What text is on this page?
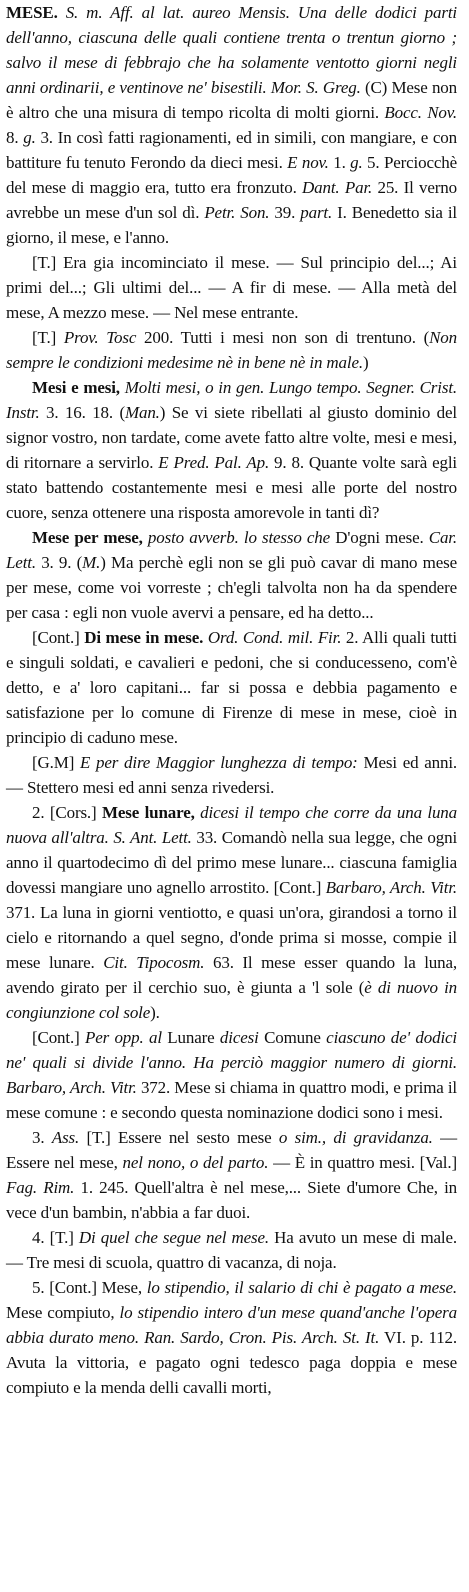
MESE. S. m. Aff. al lat. aureo Mensis. Una delle dodici parti dell'anno, ciascuna delle quali contiene trenta o trentun giorno ; salvo il mese di febbrajo che ha solamente ventotto giorni negli anni ordinarii, e ventinove ne' bisestili. Mor. S. Greg. (C) Mese non è altro che una misura di tempo ricolta di molti giorni. Bocc. Nov. 8. g. 3. In così fatti ragionamenti, ed in simili, con mangiare, e con battiture fu tenuto Ferondo da dieci mesi. E nov. 1. g. 5. Perciocchè del mese di maggio era, tutto era fronzuto. Dant. Par. 25. Il verno avrebbe un mese d'un sol dì. Petr. Son. 39. part. I. Benedetto sia il giorno, il mese, e l'anno.

[T.] Era gia incominciato il mese. — Sul principio del...; Ai primi del...; Gli ultimi del... — A fir di mese. — Alla metà del mese, A mezzo mese. — Nel mese entrante.

[T.] Prov. Tosc 200. Tutti i mesi non son di trentuno. (Non sempre le condizioni medesime nè in bene nè in male.)

Mesi e mesi, Molti mesi, o in gen. Lungo tempo. Segner. Crist. Instr. 3. 16. 18. (Man.) Se vi siete ribellati al giusto dominio del signor vostro, non tardate, come avete fatto altre volte, mesi e mesi, di ritornare a servirlo. E Pred. Pal. Ap. 9. 8. Quante volte sarà egli stato battendo costantemente mesi e mesi alle porte del nostro cuore, senza ottenere una risposta amorevole in tanti dì?

Mese per mese, posto avverb. lo stesso che D'ogni mese. Car. Lett. 3. 9. (M.) Ma perchè egli non se gli può cavar di mano mese per mese, come voi vorreste ; ch'egli talvolta non ha da spendere per casa : egli non vuole avervi a pensare, ed ha detto...

[Cont.] Di mese in mese. Ord. Cond. mil. Fir. 2. Alli quali tutti e singuli soldati, e cavalieri e pedoni, che si conducesseno, com'è detto, e a' loro capitani... far si possa e debbia pagamento e satisfazione per lo comune di Firenze di mese in mese, cioè in principio di caduno mese.

[G.M] E per dire Maggior lunghezza di tempo: Mesi ed anni. — Stettero mesi ed anni senza rivedersi.

2. [Cors.] Mese lunare, dicesi il tempo che corre da una luna nuova all'altra. S. Ant. Lett. 33. Comandò nella sua legge, che ogni anno il quartodecimo dì del primo mese lunare... ciascuna famiglia dovessi mangiare uno agnello arrostito. [Cont.] Barbaro, Arch. Vitr. 371. La luna in giorni ventiotto, e quasi un'ora, girandosi a torno il cielo e ritornando a quel segno, d'onde prima si mosse, compie il mese lunare. Cit. Tipocosm. 63. Il mese esser quando la luna, avendo girato per il cerchio suo, è giunta a 'l sole (è di nuovo in congiunzione col sole).

[Cont.] Per opp. al Lunare dicesi Comune ciascuno de' dodici ne' quali si divide l'anno. Ha perciò maggior numero di giorni. Barbaro, Arch. Vitr. 372. Mese si chiama in quattro modi, e prima il mese comune : e secondo questa nominazione dodici sono i mesi.

3. Ass. [T.] Essere nel sesto mese o sim., di gravidanza. — Essere nel mese, nel nono, o del parto. — È in quattro mesi. [Val.] Fag. Rim. 1. 245. Quell'altra è nel mese,... Siete d'umore Che, in vece d'un bambin, n'abbia a far duoi.

4. [T.] Di quel che segue nel mese. Ha avuto un mese di male. — Tre mesi di scuola, quattro di vacanza, di noja.

5. [Cont.] Mese, lo stipendio, il salario di chi è pagato a mese. Mese compiuto, lo stipendio intero d'un mese quand'anche l'opera abbia durato meno. Ran. Sardo, Cron. Pis. Arch. St. It. VI. p. 112. Avuta la vittoria, e pagato ogni tedesco paga doppia e mese compiuto e la menda delli cavalli morti,
